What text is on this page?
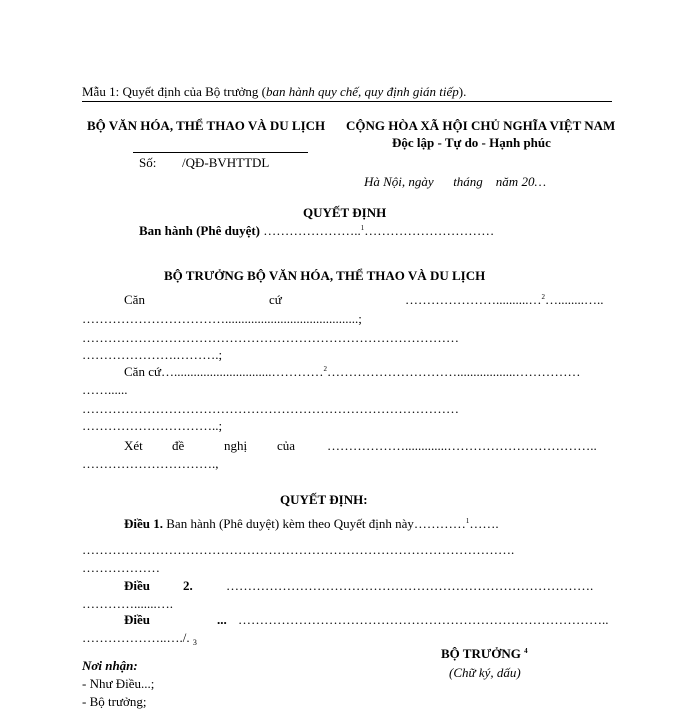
Mẫu 1: Quyết định của Bộ trưởng (ban hành quy chế, quy định gián tiếp).
BỘ VĂN HÓA, THỂ THAO VÀ DU LỊCH CỘNG HÒA XÃ HỘI CHỦ NGHĨA VIỆT NAM
Độc lập - Tự do - Hạnh phúc
Số: /QĐ-BVHTTDL
Hà Nội, ngày      tháng    năm 20…
QUYẾT ĐỊNH
Ban hành (Phê duyệt) …………………..$^1$…………………………
BỘ TRƯỞNG BỘ VĂN HÓA, THỂ THAO VÀ DU LỊCH
Căn	cứ	…………………..........…$^2$…........…..
…………………………….........................................;
……………………………………………………………………………
………………….……….;
Căn cứ…..............................…………$^2$…………………………..................……………
……......
……………………………………………………………………………
…………………………..;
Xét đề	nghị của ……………….............……………………………..
………………………….,
QUYẾT ĐỊNH:
Điều 1. Ban hành (Phê duyệt) kèm theo Quyết định này…………$^1$…….
……………………………………………………………………………………….
………………
Điều	2.	………………………………………………………………………….
………….......….
Điều	... …………………………………………………………………………..
………………..…./. $_3$
BỘ TRƯỞNG $^4$
(Chữ ký, dấu)
Nơi nhận:
- Như Điều...;
- Bộ trưởng;
